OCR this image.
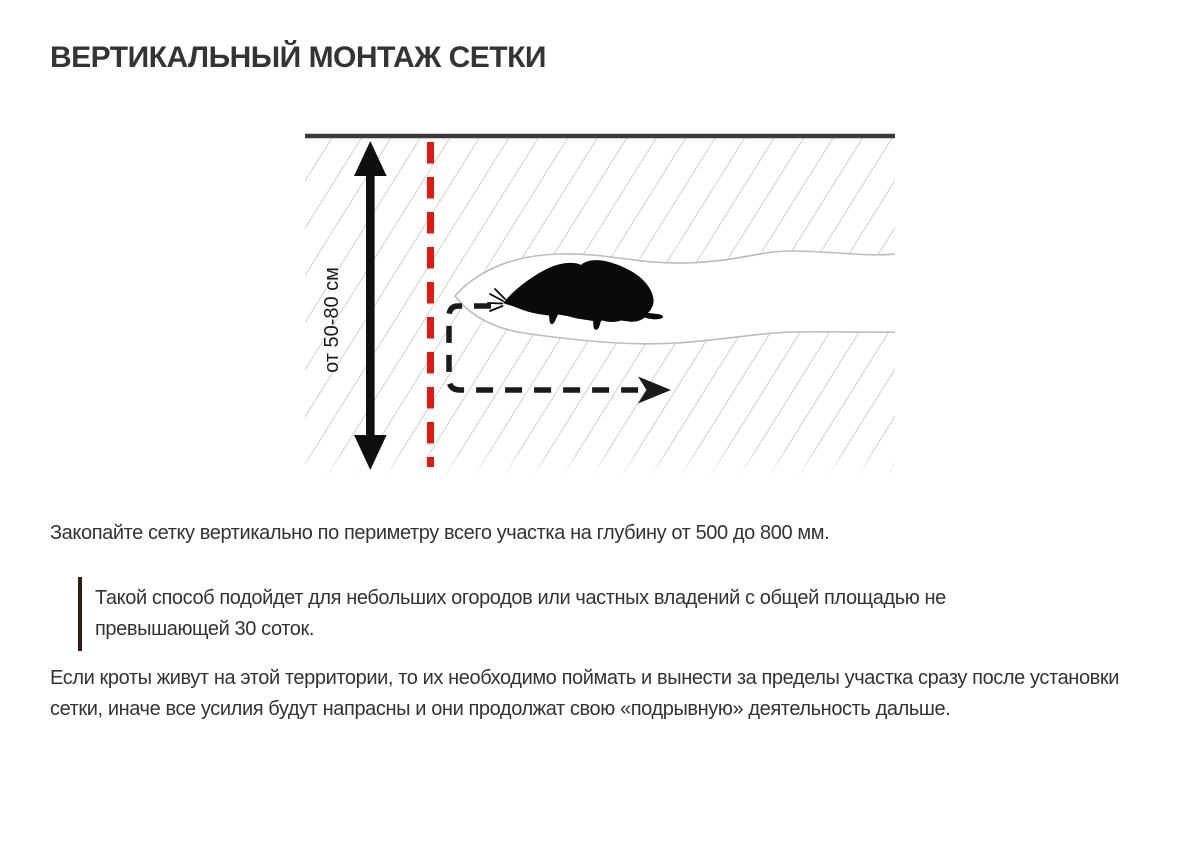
ВЕРТИКАЛЬНЫЙ МОНТАЖ СЕТКИ
от 50-80 см

Закопайте сетку вертикально по периметру всего участка на глубину от 500 до 800 мм.

Такой способ подойдет для небольших огородов или частных владений с общей площадью не превышающей 30 соток.

Если кроты живут на этой территории, то их необходимо поймать и вынести за пределы участка сразу после установки сетки, иначе все усилия будут напрасны и они продолжат свою «подрывную» деятельность дальше.
